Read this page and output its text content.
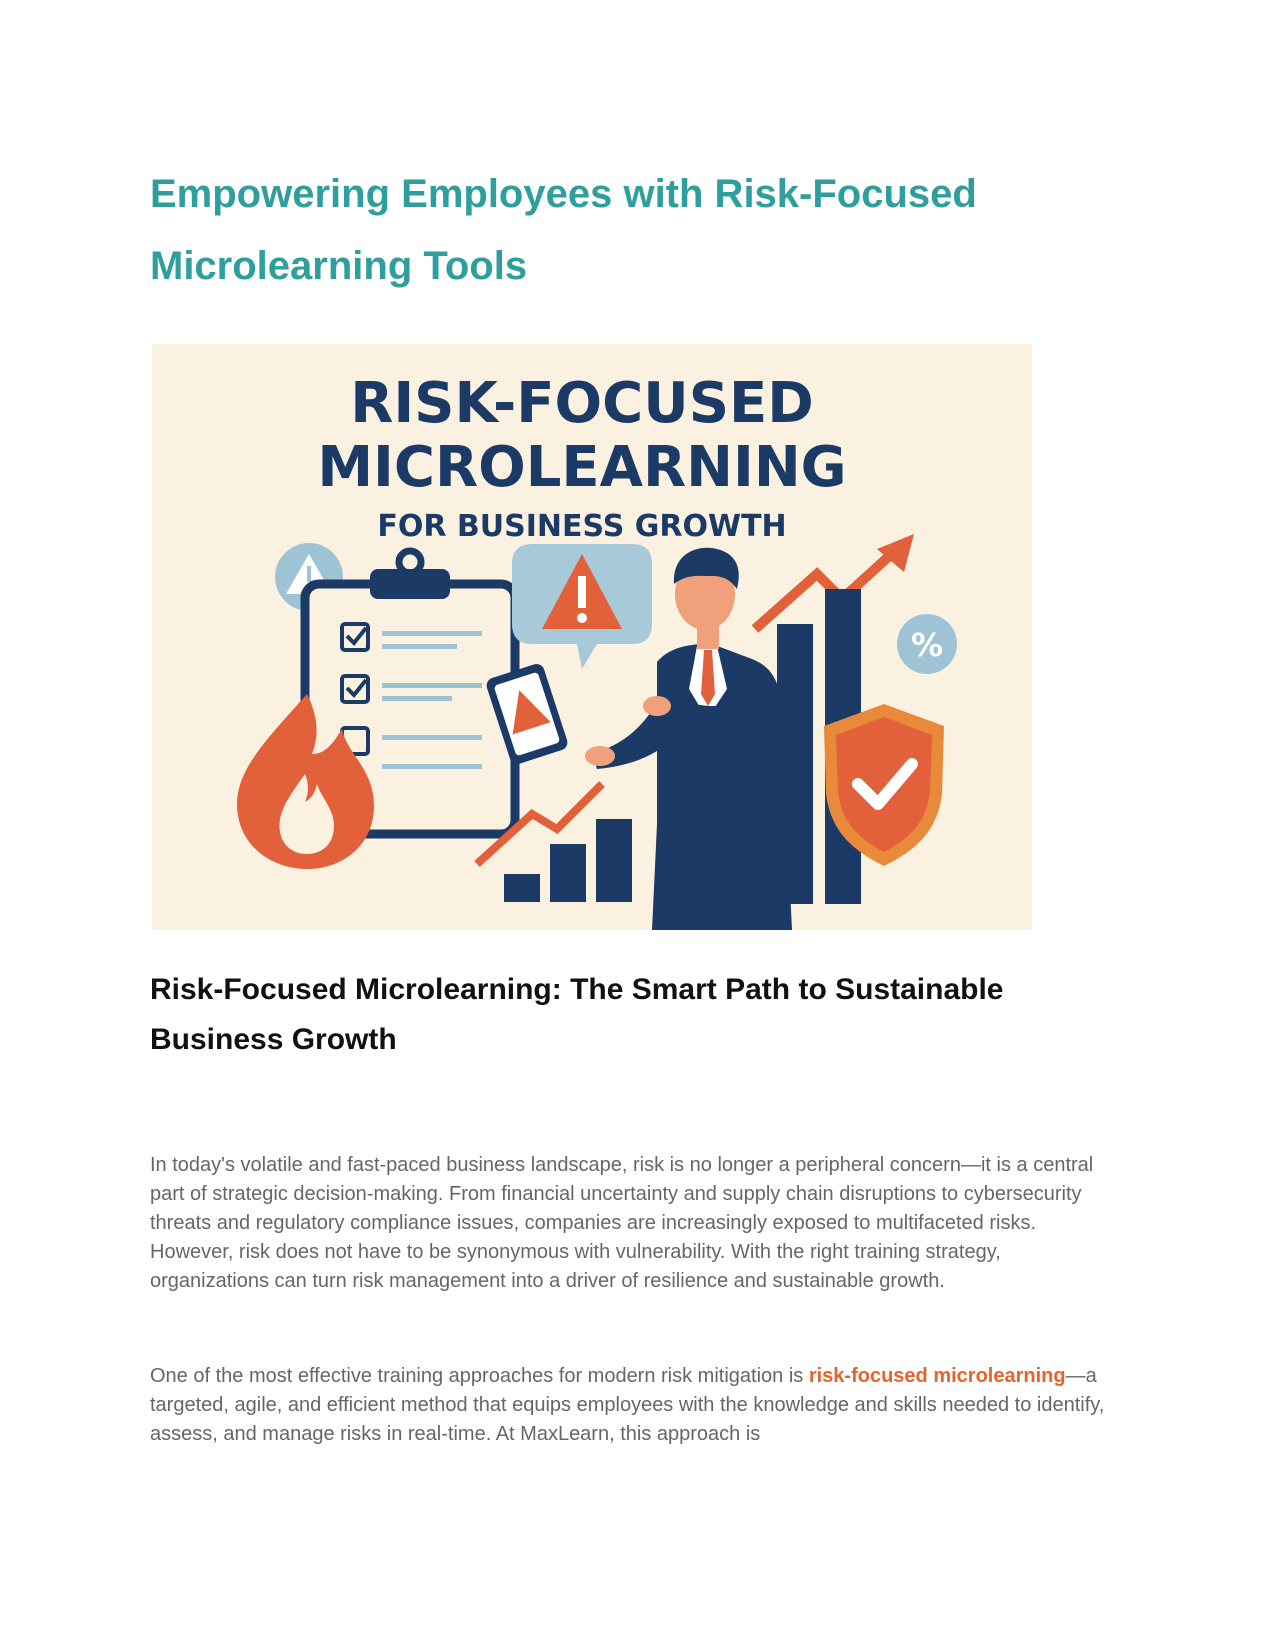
Empowering Employees with Risk-Focused Microlearning Tools
RISK-FOCUSED
MICROLEARNING
FOR BUSINESS GROWTH
%
Risk-Focused Microlearning: The Smart Path to Sustainable Business Growth

In today's volatile and fast-paced business landscape, risk is no longer a peripheral concern—it is a central part of strategic decision-making. From financial uncertainty and supply chain disruptions to cybersecurity threats and regulatory compliance issues, companies are increasingly exposed to multifaceted risks. However, risk does not have to be synonymous with vulnerability. With the right training strategy, organizations can turn risk management into a driver of resilience and sustainable growth.

One of the most effective training approaches for modern risk mitigation is risk-focused microlearning—a targeted, agile, and efficient method that equips employees with the knowledge and skills needed to identify, assess, and manage risks in real-time. At MaxLearn, this approach is
